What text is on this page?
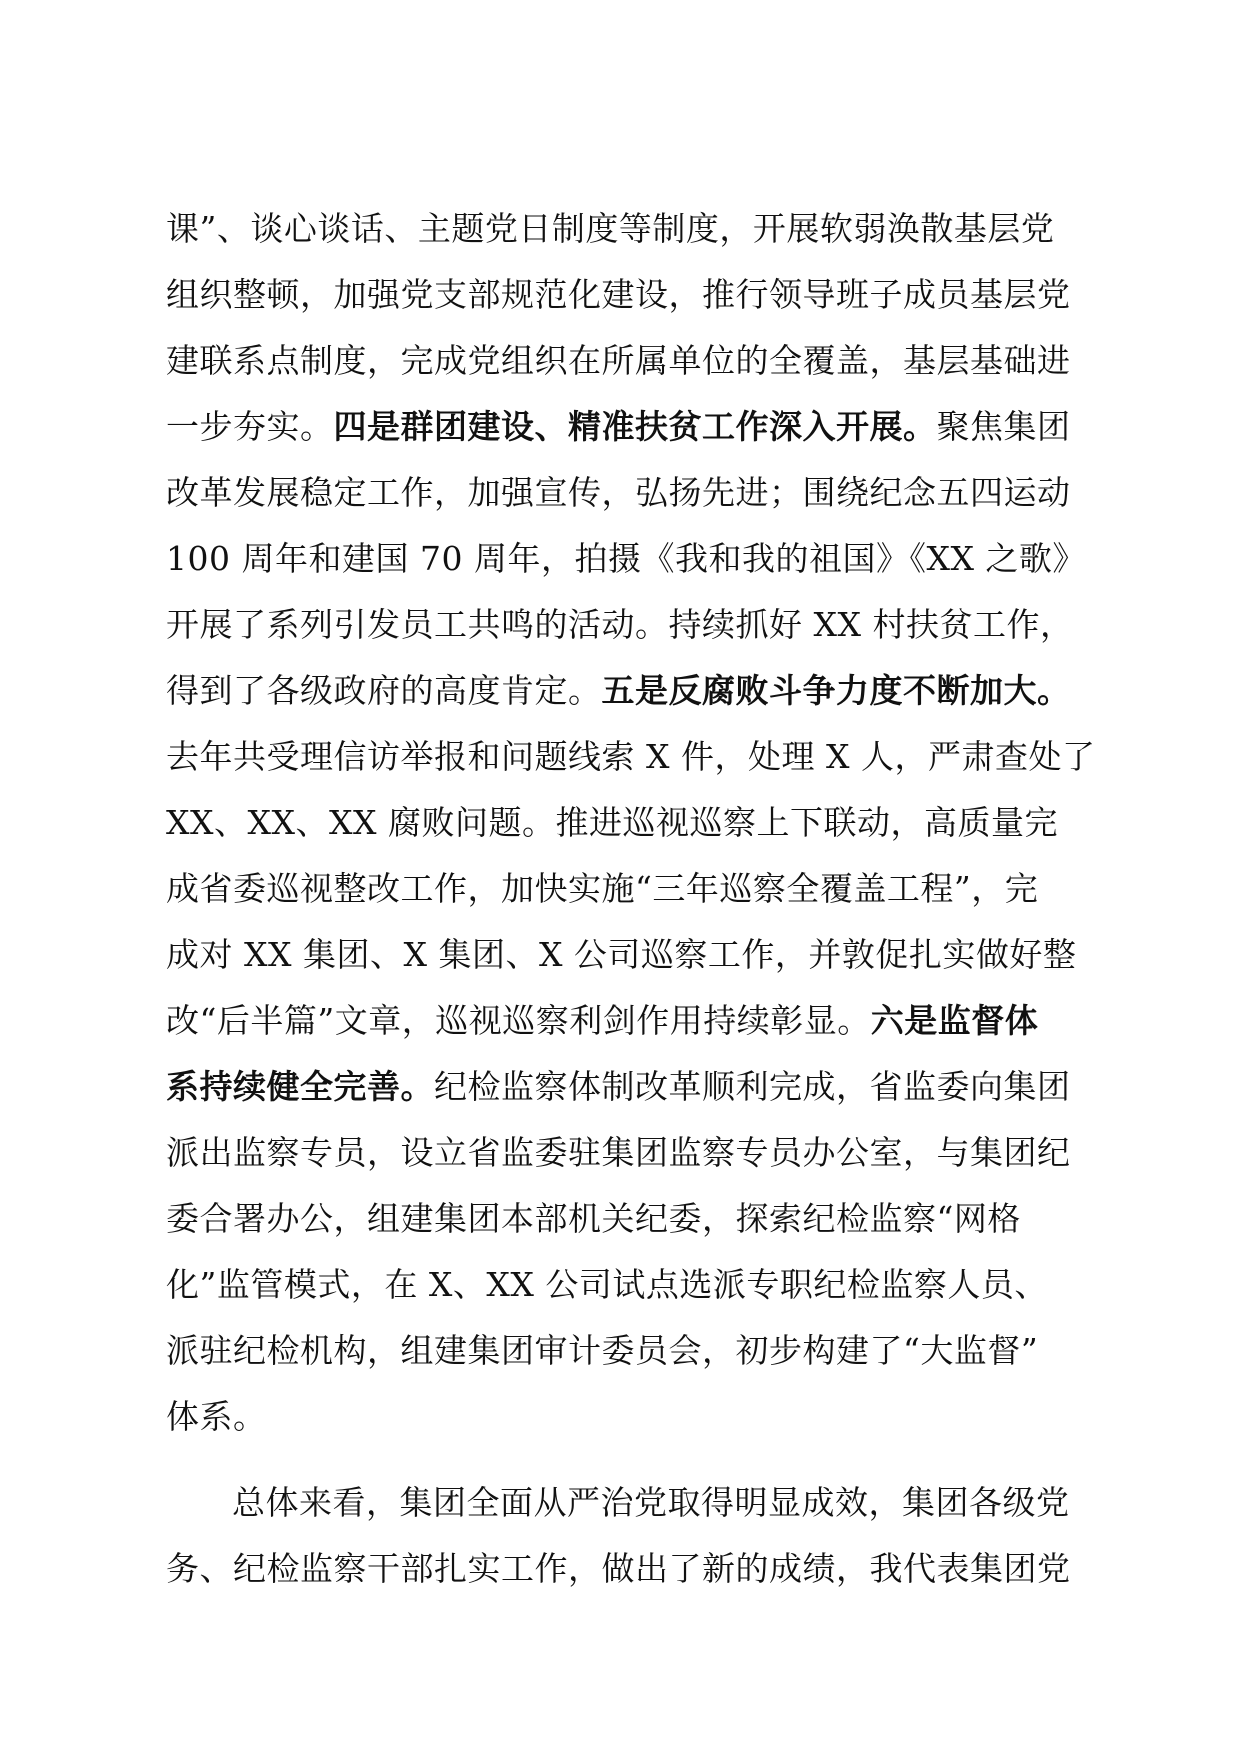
课”、谈心谈话、主题党日制度等制度，开展软弱涣散基层党
组织整顿，加强党支部规范化建设，推行领导班子成员基层党
建联系点制度，完成党组织在所属单位的全覆盖，基层基础进
一步夯实。四是群团建设、精准扶贫工作深入开展。聚焦集团
改革发展稳定工作，加强宣传，弘扬先进；围绕纪念五四运动
100 周年和建国 70 周年，拍摄《我和我的祖国》《XX 之歌》
开展了系列引发员工共鸣的活动。持续抓好 XX 村扶贫工作，
得到了各级政府的高度肯定。五是反腐败斗争力度不断加大。
去年共受理信访举报和问题线索 X 件，处理 X 人，严肃查处了
XX、XX、XX 腐败问题。推进巡视巡察上下联动，高质量完
成省委巡视整改工作，加快实施“三年巡察全覆盖工程”，完
成对 XX 集团、X 集团、X 公司巡察工作，并敦促扎实做好整
改“后半篇”文章，巡视巡察利剑作用持续彰显。六是监督体
系持续健全完善。纪检监察体制改革顺利完成，省监委向集团
派出监察专员，设立省监委驻集团监察专员办公室，与集团纪
委合署办公，组建集团本部机关纪委，探索纪检监察“网格
化”监管模式，在 X、XX 公司试点选派专职纪检监察人员、
派驻纪检机构，组建集团审计委员会，初步构建了“大监督”
体系。
总体来看，集团全面从严治党取得明显成效，集团各级党
务、纪检监察干部扎实工作，做出了新的成绩，我代表集团党
